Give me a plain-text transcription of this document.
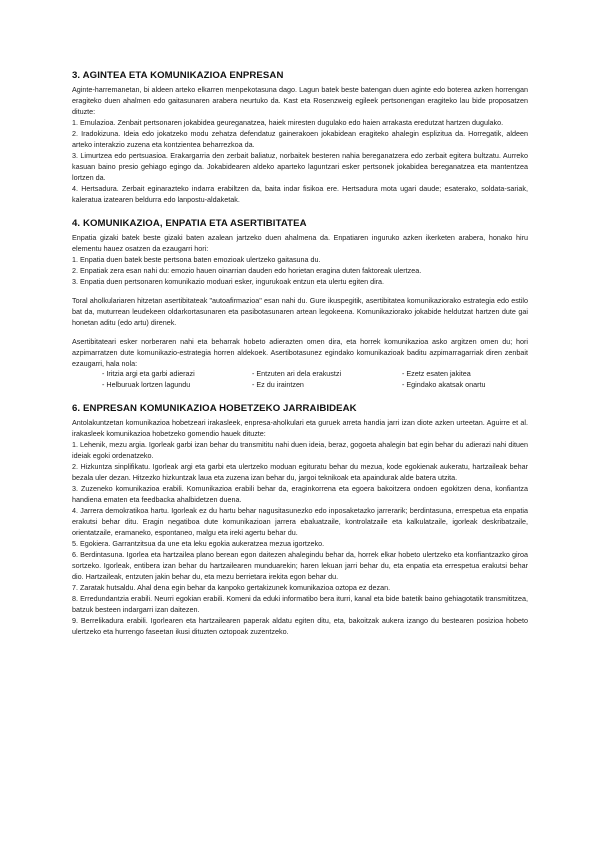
3. AGINTEA ETA KOMUNIKAZIOA ENPRESAN

Aginte-harremanetan, bi aldeen arteko elkarren menpekotasuna dago. Lagun batek beste batengan duen aginte edo boterea azken horrengan eragiteko duen ahalmen edo gaitasunaren arabera neurtuko da. Kast eta Rosenzweig egileek pertsonengan eragiteko lau bide proposatzen dituzte:

1. Emulazioa. Zenbait pertsonaren jokabidea geureganatzea, haiek miresten dugulako edo haien arrakasta eredutzat hartzen dugulako.

2. Iradokizuna. Ideia edo jokatzeko modu zehatza defendatuz gainerakoen jokabidean eragiteko ahalegin esplizitua da. Horregatik, aldeen arteko interakzio zuzena eta kontzientea beharrezkoa da.

3. Limurtzea edo pertsuasioa. Erakargarria den zerbait baliatuz, norbaitek besteren nahia bereganatzera edo zerbait egitera bultzatu. Aurreko kasuan baino presio gehiago egingo da. Jokabidearen aldeko aparteko laguntzari esker pertsonek jokabidea bereganatzea eta mantentzea lortzen da.

4. Hertsadura. Zerbait eginarazteko indarra erabiltzen da, baita indar fisikoa ere. Hertsadura mota ugari daude; esaterako, soldata-sariak, kaleratua izatearen beldurra edo lanpostu-aldaketak.

4. KOMUNIKAZIOA, ENPATIA ETA ASERTIBITATEA

Enpatia gizaki batek beste gizaki baten azalean jartzeko duen ahalmena da. Enpatiaren inguruko azken ikerketen arabera, honako hiru elementu hauez osatzen da ezaugarri hori:

1. Enpatia duen batek beste pertsona baten emozioak ulertzeko gaitasuna du.

2. Enpatiak zera esan nahi du: emozio hauen oinarrian dauden edo horietan eragina duten faktoreak ulertzea.

3. Enpatia duen pertsonaren komunikazio moduari esker, ingurukoak entzun eta ulertu egiten dira.

Toral aholkulariaren hitzetan asertibitateak "autoafirmazioa" esan nahi du. Gure ikuspegitik, asertibitatea komunikaziorako estrategia edo estilo bat da, muturrean leudekeen oldarkortasunaren eta pasibotasunaren artean legokeena. Komunikaziorako jokabide heldutzat hartzen dute gai honetan aditu (edo artu) direnek.

Asertibitateari esker norberaren nahi eta beharrak hobeto adierazten omen dira, eta horrek komunikazioa asko argitzen omen du; hori azpimarratzen dute komunikazio-estrategia horren aldekoek. Asertibotasunez egindako komunikazioak baditu azpimarragarriak diren zenbait ezaugarri, hala nola:

- Iritzia argi eta garbi adierazi	- Entzuten ari dela erakustzi	- Ezetz esaten jakitea
- Helburuak lortzen lagundu	- Ez du iraintzen	- Egindako akatsak onartu
6. ENPRESAN KOMUNIKAZIOA HOBETZEKO JARRAIBIDEAK

Antolakuntzetan komunikazioa hobetzeari irakasleek, enpresa-aholkulari eta guruek arreta handia jarri izan diote azken urteetan. Aguirre et al. irakasleek komunikazioa hobetzeko gomendio hauek dituzte:

1. Lehenik, mezu argia. Igorleak garbi izan behar du transmititu nahi duen ideia, beraz, gogoeta ahalegin bat egin behar du adierazi nahi dituen ideiak egoki ordenatzeko.

2. Hizkuntza sinplifikatu. Igorleak argi eta garbi eta ulertzeko moduan egituratu behar du mezua, kode egokienak aukeratu, hartzaileak behar bezala uler dezan. Hitzezko hizkuntzak laua eta zuzena izan behar du, jargoi teknikoak eta apaindurak alde batera utzita.

3. Zuzeneko komunikazioa erabili. Komunikazioa erabili behar da, eraginkorrena eta egoera bakoitzera ondoen egokitzen dena, konfiantza handiena ematen eta feedbacka ahalbidetzen duena.

4. Jarrera demokratikoa hartu. Igorleak ez du hartu behar nagusitasunezko edo inposaketazko jarrerarik; berdintasuna, errespetua eta enpatia erakutsi behar ditu. Eragin negatiboa dute komunikazioan jarrera ebaluatzaile, kontrolatzaile eta kalkulatzaile, igorleak deskribatzaile, orientatzaile, eramaneko, espontaneo, malgu eta ireki agertu behar du.

5. Egokiera. Garrantzitsua da une eta leku egokia aukeratzea mezua igortzeko.

6. Berdintasuna. Igorlea eta hartzailea plano berean egon daitezen ahalegindu behar da, horrek elkar hobeto ulertzeko eta konfiantzazko giroa sortzeko. Igorleak, entibera izan behar du hartzailearen munduarekin; haren lekuan jarri behar du, eta enpatia eta errespetua erakutsi behar dio. Hartzaileak, entzuten jakin behar du, eta mezu berrietara irekita egon behar du.

7. Zaratak hutsaldu. Ahal dena egin behar da kanpoko gertakizunek komunikazioa oztopa ez dezan.

8. Erredundantzia erabili. Neurri egokian erabili. Komeni da eduki informatibo bera iturri, kanal eta bide batetik baino gehiagotatik transmititzea, batzuk besteen indargarri izan daitezen.

9. Berrelikadura erabili. Igorlearen eta hartzailearen paperak aldatu egiten ditu, eta, bakoitzak aukera izango du bestearen posizioa hobeto ulertzeko eta hurrengo faseetan ikusi dituzten oztopoak zuzentzeko.
